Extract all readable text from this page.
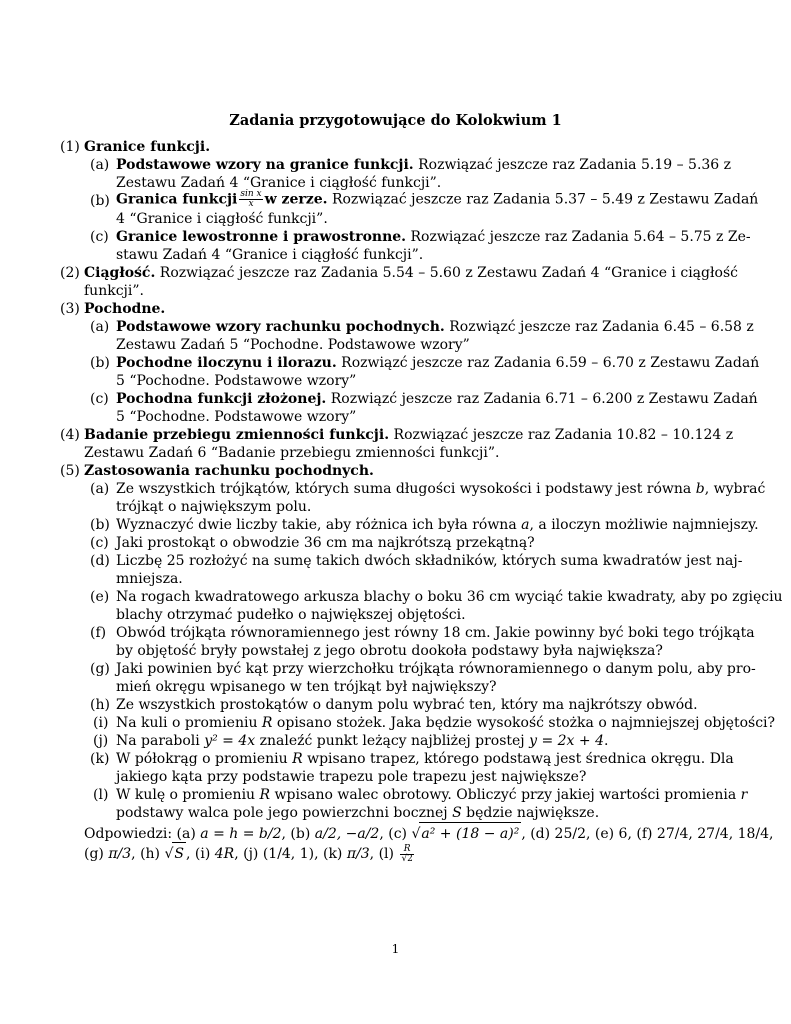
Zadania przygotowujące do Kolokwium 1
(1) Granice funkcji.
(a) Podstawowe wzory na granice funkcji. Rozwiązać jeszcze raz Zadania 5.19 – 5.36 z
Zestawu Zadań 4 “Granice i ciągłość funkcji”.
(b) Granica funkcji $\frac{\text{sin x}}{x}$ w zerze. Rozwiązać jeszcze raz Zadania 5.37 – 5.49 z Zestawu Zadań
4 “Granice i ciągłość funkcji”.
(c) Granice lewostronne i prawostronne. Rozwiązać jeszcze raz Zadania 5.64 – 5.75 z Ze-
stawu Zadań 4 “Granice i ciągłość funkcji”.
(2) Ciągłość. Rozwiązać jeszcze raz Zadania 5.54 – 5.60 z Zestawu Zadań 4 “Granice i ciągłość
funkcji”.
(3) Pochodne.
(a) Podstawowe wzory rachunku pochodnych. Rozwiązć jeszcze raz Zadania 6.45 – 6.58 z
Zestawu Zadań 5 “Pochodne. Podstawowe wzory”
(b) Pochodne iloczynu i ilorazu. Rozwiązć jeszcze raz Zadania 6.59 – 6.70 z Zestawu Zadań
5 “Pochodne. Podstawowe wzory”
(c) Pochodna funkcji złożonej. Rozwiązć jeszcze raz Zadania 6.71 – 6.200 z Zestawu Zadań
5 “Pochodne. Podstawowe wzory”
(4) Badanie przebiegu zmienności funkcji. Rozwiązać jeszcze raz Zadania 10.82 – 10.124 z
Zestawu Zadań 6 “Badanie przebiegu zmienności funkcji”.
(5) Zastosowania rachunku pochodnych.
(a) Ze wszystkich trójkątów, których suma długości wysokości i podstawy jest równa b, wybrać
trójkąt o największym polu.
(b) Wyznaczyć dwie liczby takie, aby różnica ich była równa a, a iloczyn możliwie najmniejszy.
(c) Jaki prostokąt o obwodzie 36 cm ma najkrótszą przekątną?
(d) Liczbę 25 rozłożyć na sumę takich dwóch składników, których suma kwadratów jest naj-
mniejsza.
(e) Na rogach kwadratowego arkusza blachy o boku 36 cm wyciąć takie kwadraty, aby po zgięciu
blachy otrzymać pudełko o największej objętości.
(f) Obwód trójkąta równoramiennego jest równy 18 cm. Jakie powinny być boki tego trójkąta
by objętość bryły powstałej z jego obrotu dookoła podstawy była największa?
(g) Jaki powinien być kąt przy wierzchołku trójkąta równoramiennego o danym polu, aby pro-
mień okręgu wpisanego w ten trójkąt był największy?
(h) Ze wszystkich prostokątów o danym polu wybrać ten, który ma najkrótszy obwód.
(i) Na kuli o promieniu R opisano stożek. Jaka będzie wysokość stożka o najmniejszej objętości?
(j) Na paraboli y² = 4x znaleźć punkt leżący najbliżej prostej y = 2x + 4.
(k) W półokrąg o promieniu R wpisano trapez, którego podstawą jest średnica okręgu. Dla
jakiego kąta przy podstawie trapezu pole trapezu jest największe?
(l) W kulę o promieniu R wpisano walec obrotowy. Obliczyć przy jakiej wartości promienia r
podstawy walca pole jego powierzchni bocznej S będzie największe.
Odpowiedzi: (a) a = h = b/2, (b) a/2, −a/2, (c) √a² + (18 − a)² , (d) 25/2, (e) 6, (f) 27/4, 27/4, 18/4,
(g) π/3, (h) √S , (i) 4R, (j) (1/4, 1), (k) π/3, $(l) \frac{R}{√2}$
1
